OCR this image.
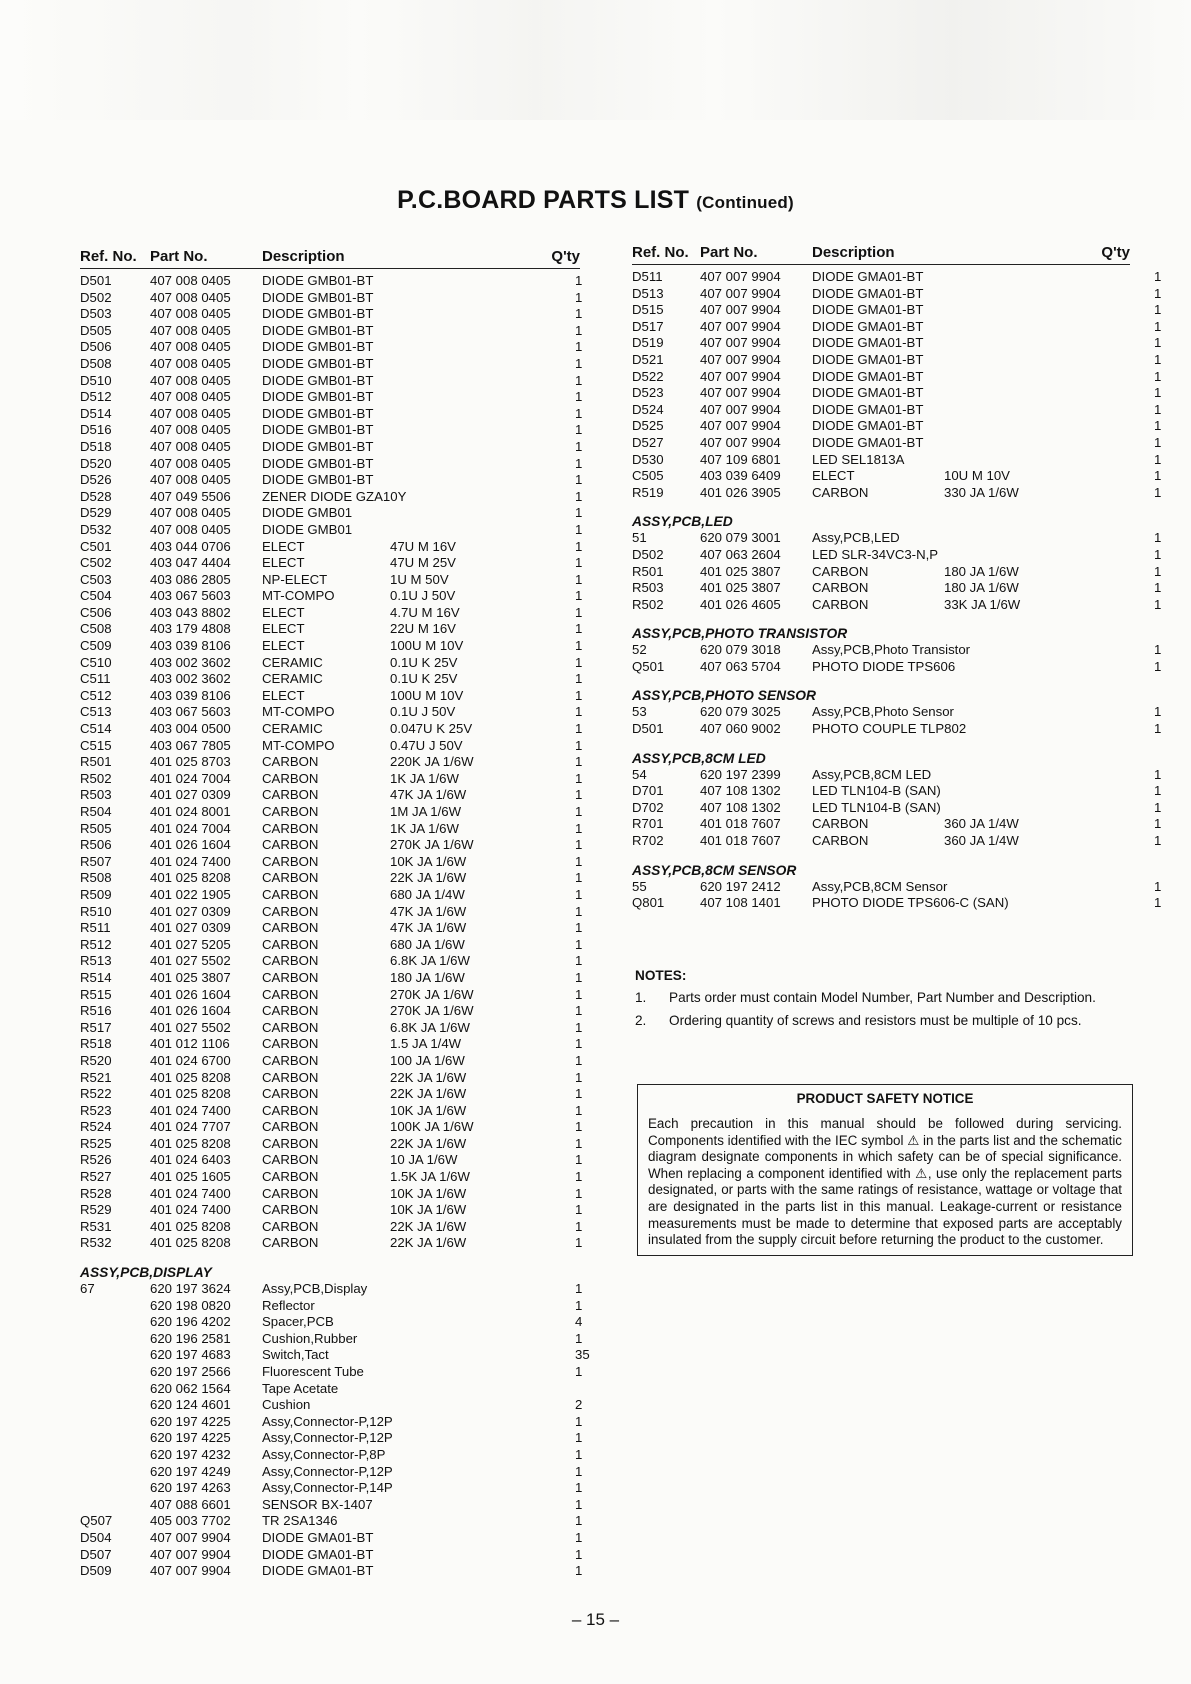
P.C.BOARD PARTS LIST (Continued)
Ref. No. Part No.	Description	Q'ty
D501	407 008 0405	DIODE GMB01-BT	1
D502	407 008 0405	DIODE GMB01-BT	1
D503	407 008 0405	DIODE GMB01-BT	1
D505	407 008 0405	DIODE GMB01-BT	1
D506	407 008 0405	DIODE GMB01-BT	1
D508	407 008 0405	DIODE GMB01-BT	1
D510	407 008 0405	DIODE GMB01-BT	1
D512	407 008 0405	DIODE GMB01-BT	1
D514	407 008 0405	DIODE GMB01-BT	1
D516	407 008 0405	DIODE GMB01-BT	1
D518	407 008 0405	DIODE GMB01-BT	1
D520	407 008 0405	DIODE GMB01-BT	1
D526	407 008 0405	DIODE GMB01-BT	1
D528	407 049 5506	ZENER DIODE GZA10Y	1
D529	407 008 0405	DIODE GMB01	1
D532	407 008 0405	DIODE GMB01	1
C501	403 044 0706	ELECT	47U M 16V	1
C502	403 047 4404	ELECT	47U M 25V	1
C503	403 086 2805	NP-ELECT	1U M 50V	1
C504	403 067 5603	MT-COMPO	0.1U J 50V	1
C506	403 043 8802	ELECT	4.7U M 16V	1
C508	403 179 4808	ELECT	22U M 16V	1
C509	403 039 8106	ELECT	100U M 10V	1
C510	403 002 3602	CERAMIC	0.1U K 25V	1
C511	403 002 3602	CERAMIC	0.1U K 25V	1
C512	403 039 8106	ELECT	100U M 10V	1
C513	403 067 5603	MT-COMPO	0.1U J 50V	1
C514	403 004 0500	CERAMIC	0.047U K 25V	1
C515	403 067 7805	MT-COMPO	0.47U J 50V	1
R501	401 025 8703	CARBON	220K JA 1/6W	1
R502	401 024 7004	CARBON	1K JA 1/6W	1
R503	401 027 0309	CARBON	47K JA 1/6W	1
R504	401 024 8001	CARBON	1M JA 1/6W	1
R505	401 024 7004	CARBON	1K JA 1/6W	1
R506	401 026 1604	CARBON	270K JA 1/6W	1
R507	401 024 7400	CARBON	10K JA 1/6W	1
R508	401 025 8208	CARBON	22K JA 1/6W	1
R509	401 022 1905	CARBON	680 JA 1/4W	1
R510	401 027 0309	CARBON	47K JA 1/6W	1
R511	401 027 0309	CARBON	47K JA 1/6W	1
R512	401 027 5205	CARBON	680 JA 1/6W	1
R513	401 027 5502	CARBON	6.8K JA 1/6W	1
R514	401 025 3807	CARBON	180 JA 1/6W	1
R515	401 026 1604	CARBON	270K JA 1/6W	1
R516	401 026 1604	CARBON	270K JA 1/6W	1
R517	401 027 5502	CARBON	6.8K JA 1/6W	1
R518	401 012 1106	CARBON	1.5 JA 1/4W	1
R520	401 024 6700	CARBON	100 JA 1/6W	1
R521	401 025 8208	CARBON	22K JA 1/6W	1
R522	401 025 8208	CARBON	22K JA 1/6W	1
R523	401 024 7400	CARBON	10K JA 1/6W	1
R524	401 024 7707	CARBON	100K JA 1/6W	1
R525	401 025 8208	CARBON	22K JA 1/6W	1
R526	401 024 6403	CARBON	10 JA 1/6W	1
R527	401 025 1605	CARBON	1.5K JA 1/6W	1
R528	401 024 7400	CARBON	10K JA 1/6W	1
R529	401 024 7400	CARBON	10K JA 1/6W	1
R531	401 025 8208	CARBON	22K JA 1/6W	1
R532	401 025 8208	CARBON	22K JA 1/6W	1
ASSY,PCB,DISPLAY
67	620 197 3624	Assy,PCB,Display	1
620 198 0820	Reflector	1
620 196 4202	Spacer,PCB	4
620 196 2581	Cushion,Rubber	1
620 197 4683	Switch,Tact	35
620 197 2566	Fluorescent Tube	1
620 062 1564	Tape Acetate
620 124 4601	Cushion	2
620 197 4225	Assy,Connector-P,12P	1
620 197 4225	Assy,Connector-P,12P	1
620 197 4232	Assy,Connector-P,8P	1
620 197 4249	Assy,Connector-P,12P	1
620 197 4263	Assy,Connector-P,14P	1
407 088 6601	SENSOR BX-1407	1
Q507	405 003 7702	TR 2SA1346	1
D504	407 007 9904	DIODE GMA01-BT	1
D507	407 007 9904	DIODE GMA01-BT	1
D509	407 007 9904	DIODE GMA01-BT	1
Ref. No. Part No.	Description	Q'ty
D511	407 007 9904	DIODE GMA01-BT	1
D513	407 007 9904	DIODE GMA01-BT	1
D515	407 007 9904	DIODE GMA01-BT	1
D517	407 007 9904	DIODE GMA01-BT	1
D519	407 007 9904	DIODE GMA01-BT	1
D521	407 007 9904	DIODE GMA01-BT	1
D522	407 007 9904	DIODE GMA01-BT	1
D523	407 007 9904	DIODE GMA01-BT	1
D524	407 007 9904	DIODE GMA01-BT	1
D525	407 007 9904	DIODE GMA01-BT	1
D527	407 007 9904	DIODE GMA01-BT	1
D530	407 109 6801	LED SEL1813A	1
C505	403 039 6409	ELECT	10U M 10V	1
R519	401 026 3905	CARBON	330 JA 1/6W	1
ASSY,PCB,LED
51	620 079 3001	Assy,PCB,LED	1
D502	407 063 2604	LED SLR-34VC3-N,P	1
R501	401 025 3807	CARBON	180 JA 1/6W	1
R503	401 025 3807	CARBON	180 JA 1/6W	1
R502	401 026 4605	CARBON	33K JA 1/6W	1
ASSY,PCB,PHOTO TRANSISTOR
52	620 079 3018	Assy,PCB,Photo Transistor	1
Q501	407 063 5704	PHOTO DIODE TPS606	1
ASSY,PCB,PHOTO SENSOR
53	620 079 3025	Assy,PCB,Photo Sensor	1
D501	407 060 9002	PHOTO COUPLE TLP802	1
ASSY,PCB,8CM LED
54	620 197 2399	Assy,PCB,8CM LED	1
D701	407 108 1302	LED TLN104-B (SAN)	1
D702	407 108 1302	LED TLN104-B (SAN)	1
R701	401 018 7607	CARBON	360 JA 1/4W	1
R702	401 018 7607	CARBON	360 JA 1/4W	1
ASSY,PCB,8CM SENSOR
55	620 197 2412	Assy,PCB,8CM Sensor	1
Q801	407 108 1401	PHOTO DIODE TPS606-C (SAN)	1
NOTES:
1.	Parts order must contain Model Number, Part Number and Description.
2.	Ordering quantity of screws and resistors must be multiple of 10 pcs.
PRODUCT SAFETY NOTICE
Each precaution in this manual should be followed during servicing. Components identified with the IEC symbol ⚠ in the parts list and the schematic diagram designate components in which safety can be of special significance. When replacing a component identified with ⚠, use only the replacement parts designated, or parts with the same ratings of resistance, wattage or voltage that are designated in the parts list in this manual. Leakage-current or resistance measurements must be made to determine that exposed parts are acceptably insulated from the supply circuit before returning the product to the customer.
– 15 –
